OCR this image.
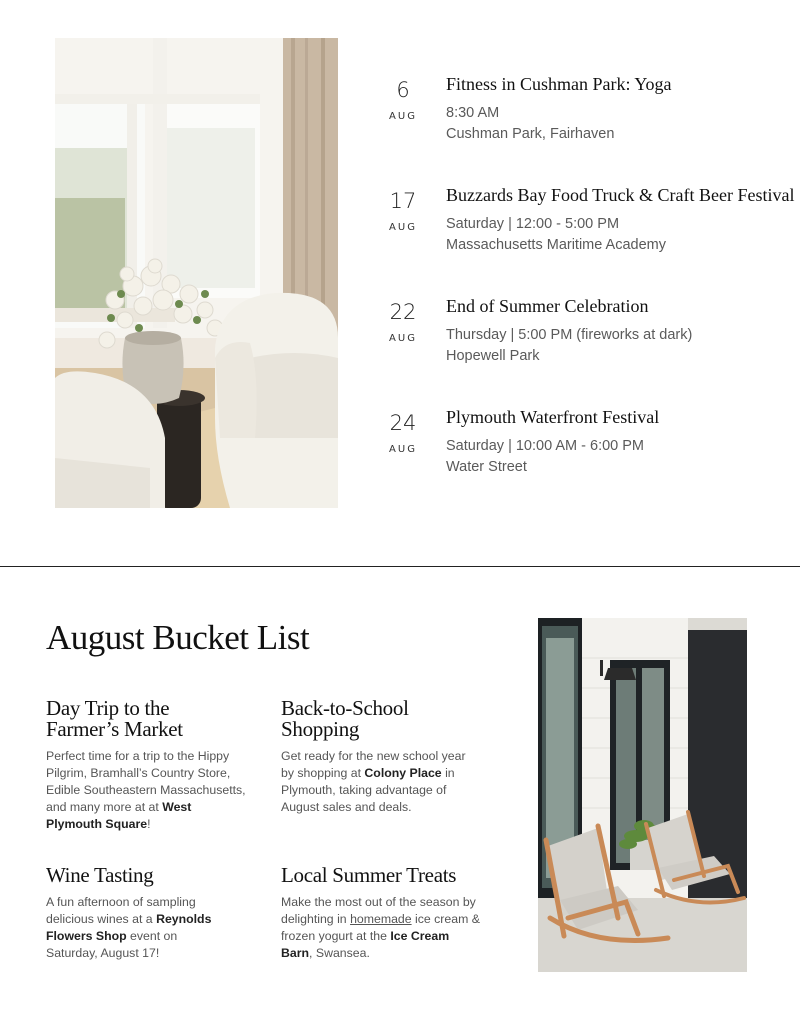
6
AUG
Fitness in Cushman Park: Yoga
8:30 AM
Cushman Park, Fairhaven
17
AUG
Buzzards Bay Food Truck & Craft Beer Festival
Saturday | 12:00 - 5:00 PM
Massachusetts Maritime Academy
22
AUG
End of Summer Celebration
Thursday | 5:00 PM (fireworks at dark)
Hopewell Park
24
AUG
Plymouth Waterfront Festival
Saturday | 10:00 AM - 6:00 PM
Water Street
August Bucket List
Day Trip to the
Farmer’s Market
Perfect time for a trip to the Hippy Pilgrim, Bramhall’s Country Store, Edible Southeastern Massachusetts, and many more at at West Plymouth Square!
Back-to-School
Shopping
Get ready for the new school year by shopping at Colony Place in Plymouth, taking advantage of August sales and deals.
Wine Tasting
A fun afternoon of sampling delicious wines at a Reynolds Flowers Shop event on Saturday, August 17!
Local Summer Treats
Make the most out of the season by delighting in homemade ice cream & frozen yogurt at the Ice Cream Barn, Swansea.
